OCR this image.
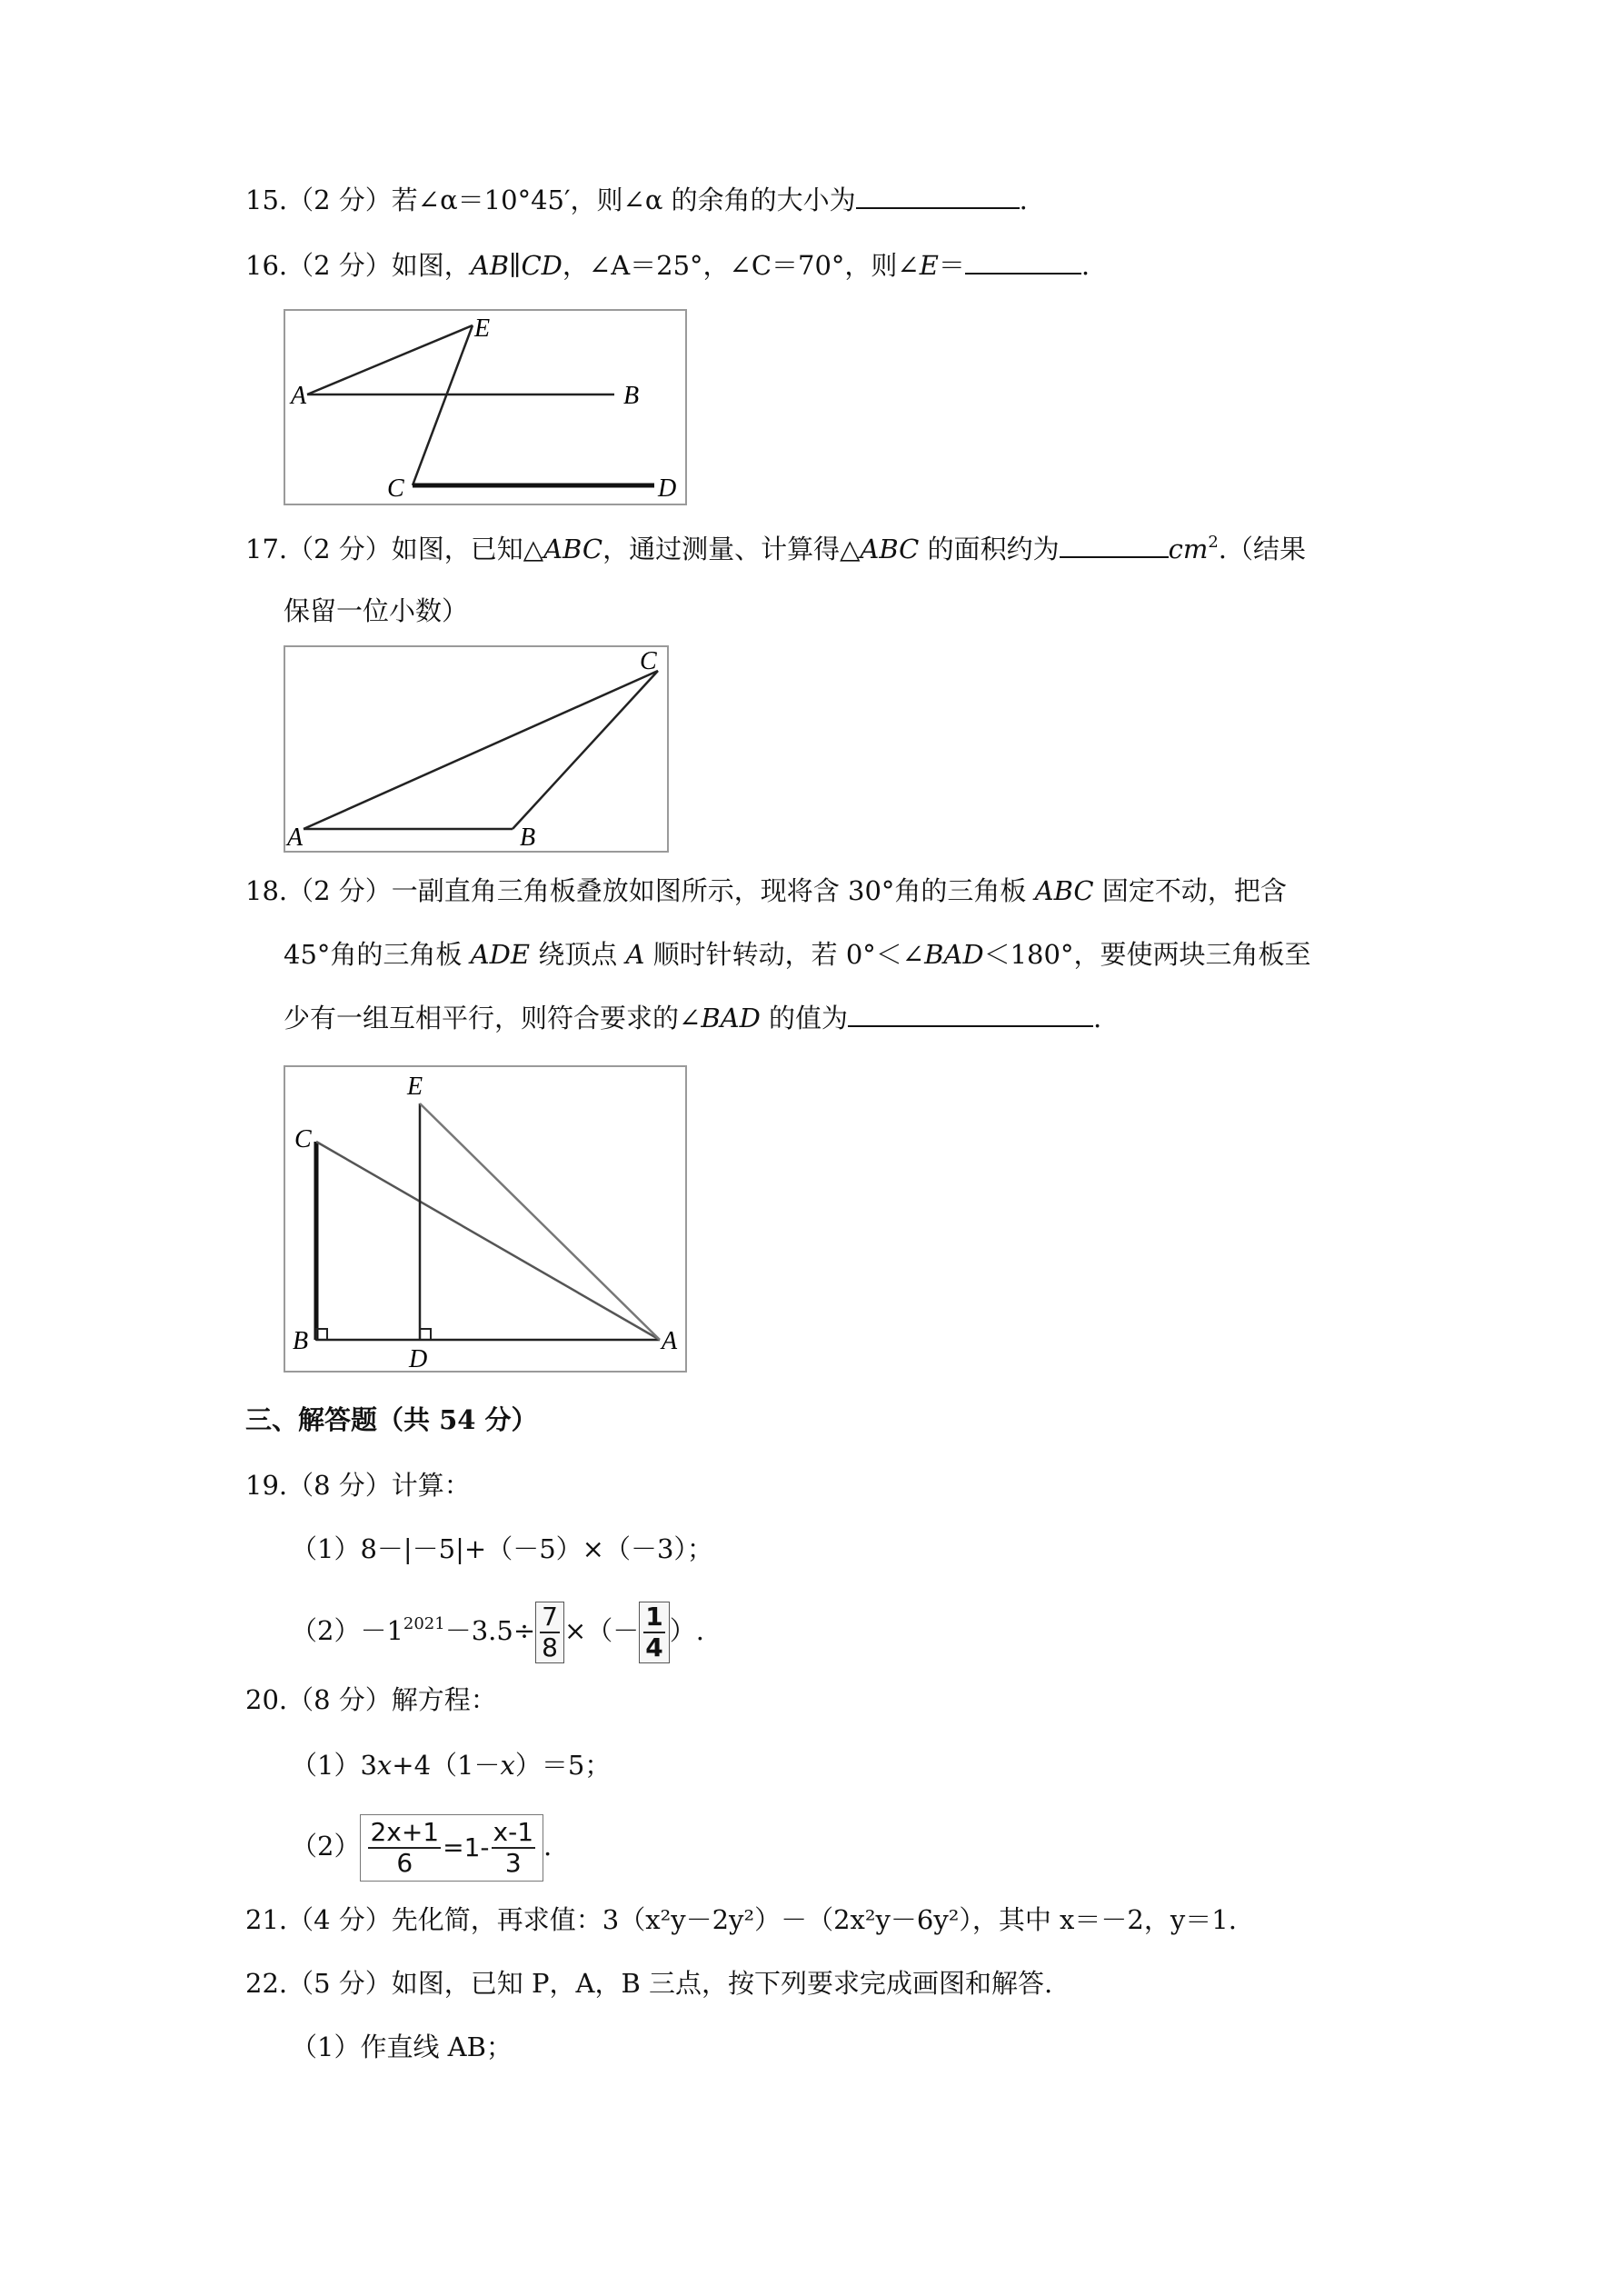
15.（2 分）若∠α＝10°45′，则∠α 的余角的大小为	.
16.（2 分）如图，AB∥CD，∠A＝25°，∠C＝70°，则∠E＝	.
A	B
C	D
E
17.（2 分）如图，已知△ABC，通过测量、计算得△ABC 的面积约为	$cm^2$.（结果
保留一位小数）
A	B
C
18.（2 分）一副直角三角板叠放如图所示，现将含 30°角的三角板 ABC 固定不动，把含
45°角的三角板 ADE 绕顶点 A 顺时针转动，若 0°＜∠BAD＜180°，要使两块三角板至
少有一组互相平行，则符合要求的∠BAD 的值为	.
B
C
D
E
A
三、解答题（共 54 分）
19.（8 分）计算：
（1）8－|－5|+（－5）×（－3）；
$(2)-1^{2021}-3.5\div \frac{7}{8}$ ×（－ $\frac{1}{4}$ ）.
20.（8 分）解方程：
（1）3x+4（1－x）＝5；
$(2) \frac{2x+1}{6} =1- \frac{x-1}{3}$ .
21.（4 分）先化简，再求值：3（x²y－2y²）－（2x²y－6y²），其中 x＝－2，y＝1.
22.（5 分）如图，已知 P，A，B 三点，按下列要求完成画图和解答.
（1）作直线 AB；
